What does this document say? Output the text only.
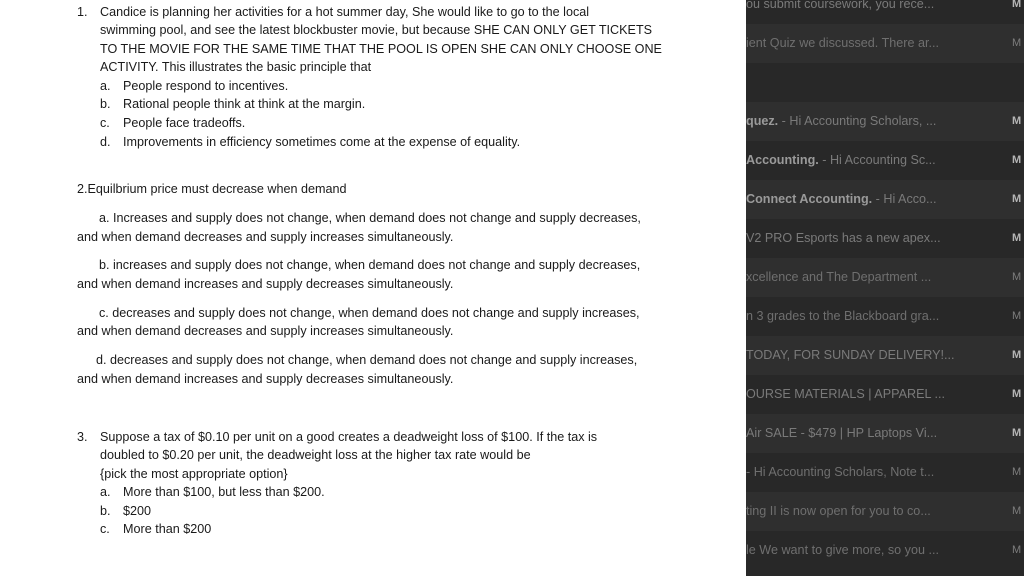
1. Candice is planning her activities for a hot summer day, She would like to go to the local
swimming pool, and see the latest blockbuster movie, but because SHE CAN ONLY GET TICKETS
TO THE MOVIE FOR THE SAME TIME THAT THE POOL IS OPEN SHE CAN ONLY CHOOSE ONE
ACTIVITY. This illustrates the basic principle that
a. People respond to incentives.
b. Rational people think at think at the margin.
c. People face tradeoffs.
d. Improvements in efficiency sometimes come at the expense of equality.
2.Equilbrium price must decrease when demand
a. Increases and supply does not change, when demand does not change and supply decreases,
and when demand decreases and supply increases simultaneously.
b. increases and supply does not change, when demand does not change and supply decreases,
and when demand increases and supply decreases simultaneously.
c. decreases and supply does not change, when demand does not change and supply increases,
and when demand decreases and supply increases simultaneously.
d. decreases and supply does not change, when demand does not change and supply increases,
and when demand increases and supply decreases simultaneously.
3. Suppose a tax of $0.10 per unit on a good creates a deadweight loss of $100. If the tax is
doubled to $0.20 per unit, the deadweight loss at the higher tax rate would be
{pick the most appropriate option}
a. More than $100, but less than $200.
b. $200
c. More than $200
ou submit coursework, you rece...	M
ient Quiz we discussed. There ar...	M
quez. - Hi Accounting Scholars, ...	M
Accounting. - Hi Accounting Sc...	M
Connect Accounting. - Hi Acco...	M
V2 PRO Esports has a new apex...	M
xcellence and The Department ...	M
n 3 grades to the Blackboard gra...	M
TODAY, FOR SUNDAY DELIVERY!...	M
OURSE MATERIALS | APPAREL ...	M
Air SALE - $479 | HP Laptops Vi...	M
- Hi Accounting Scholars, Note t...	M
ting II is now open for you to co...	M
le We want to give more, so you ...	M
